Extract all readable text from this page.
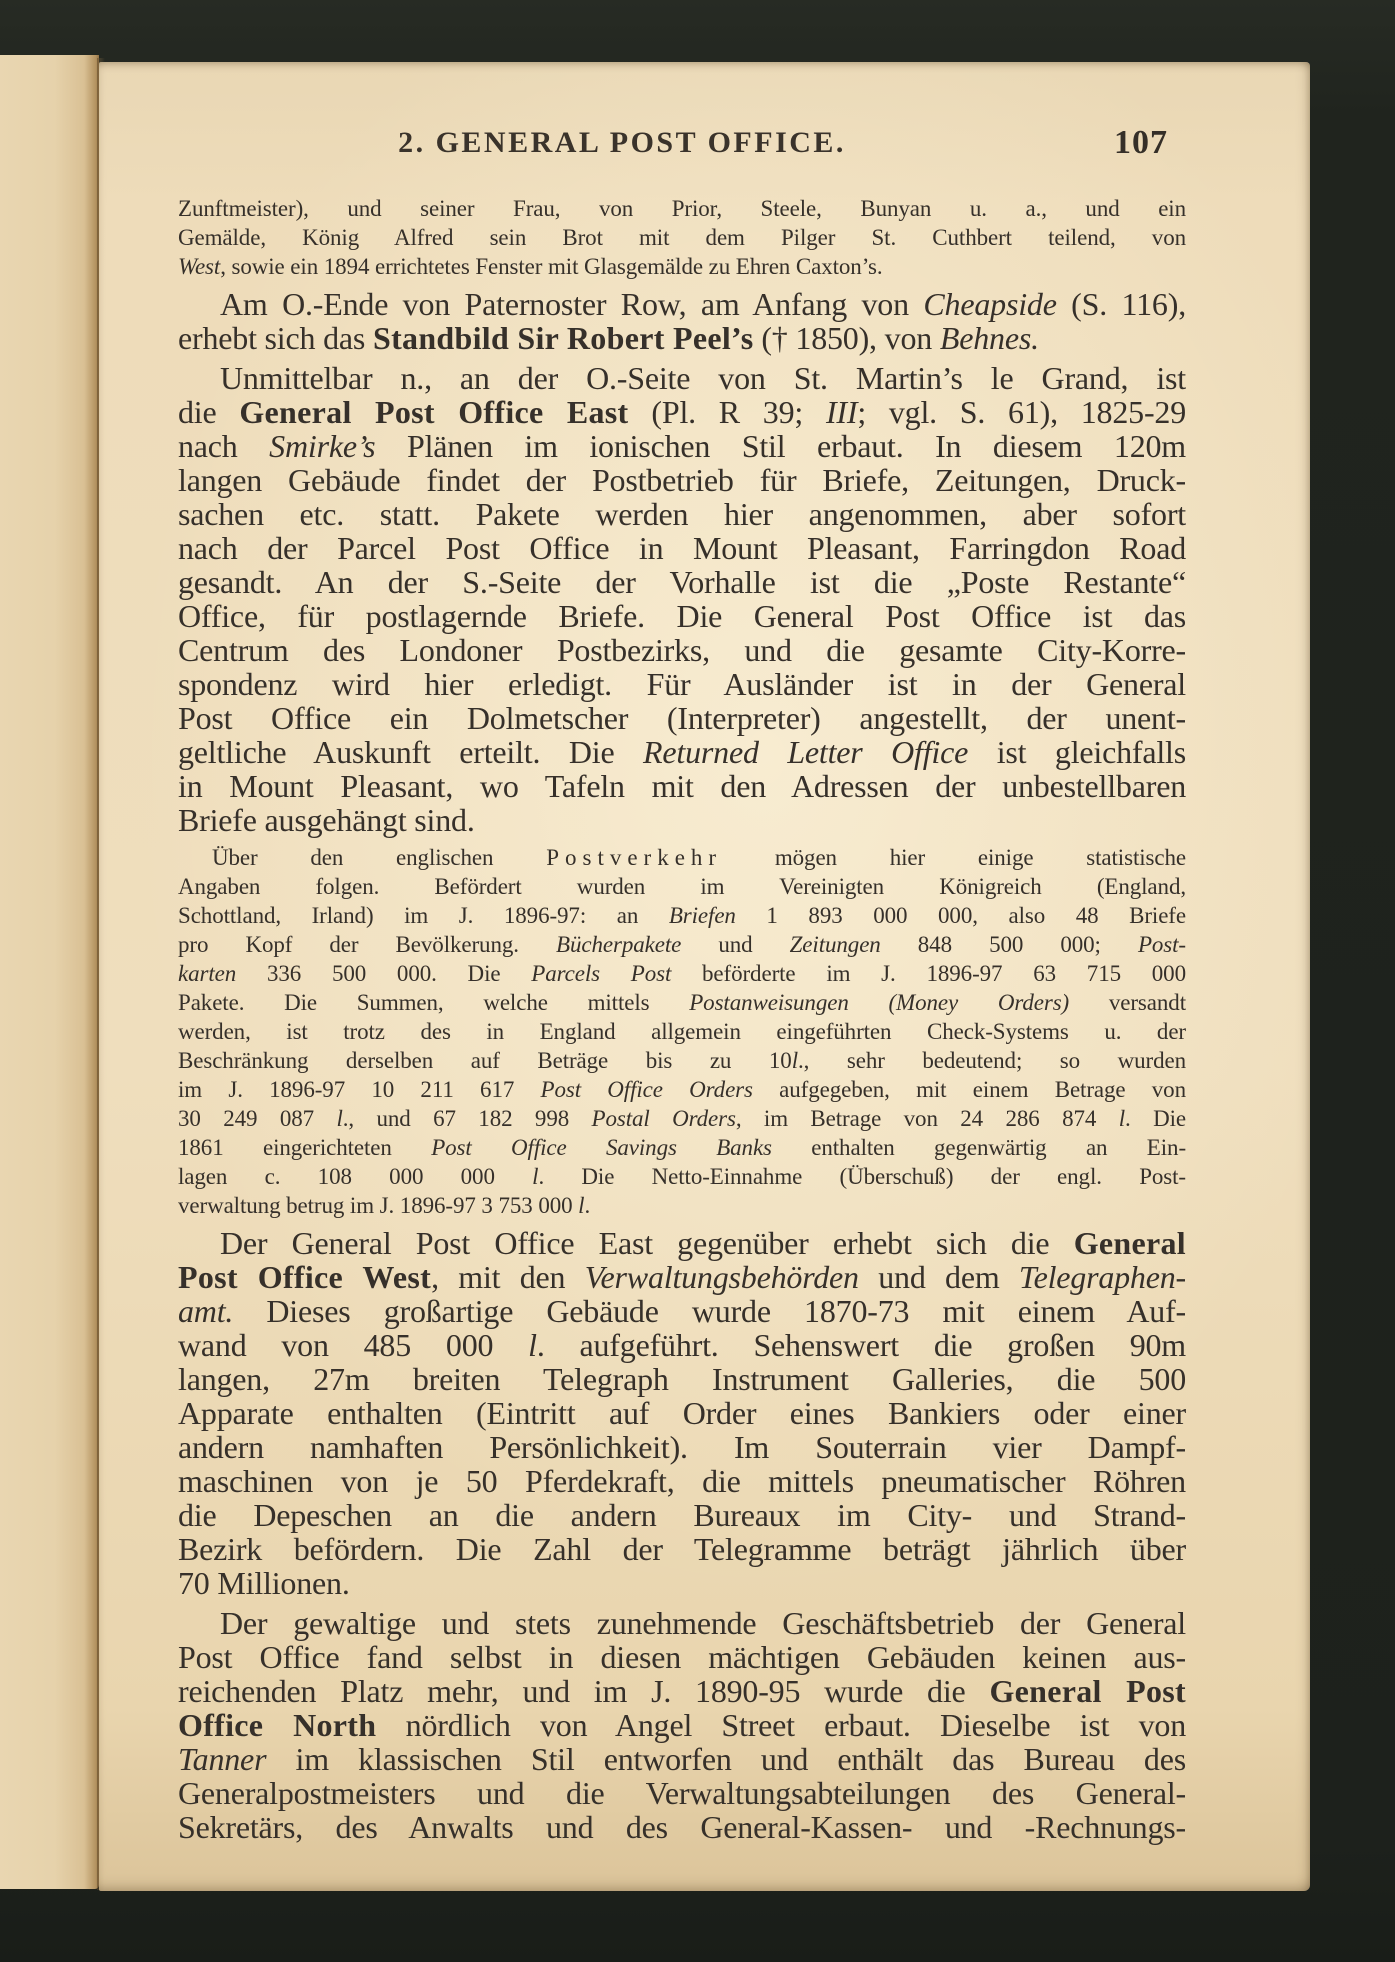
2. GENERAL POST OFFICE.	107
Zunftmeister), und seiner Frau, von Prior, Steele, Bunyan u. a., und ein
Gemälde, König Alfred sein Brot mit dem Pilger St. Cuthbert teilend, von
West, sowie ein 1894 errichtetes Fenster mit Glasgemälde zu Ehren Caxton’s.
Am O.-Ende von Paternoster Row, am Anfang von Cheapside (S. 116),
erhebt sich das Standbild Sir Robert Peel’s († 1850), von Behnes.
Unmittelbar n., an der O.-Seite von St. Martin’s le Grand, ist
die General Post Office East (Pl. R 39; III; vgl. S. 61), 1825-29
nach Smirke’s Plänen im ionischen Stil erbaut. In diesem 120m
langen Gebäude findet der Postbetrieb für Briefe, Zeitungen, Druck-
sachen etc. statt. Pakete werden hier angenommen, aber sofort
nach der Parcel Post Office in Mount Pleasant, Farringdon Road
gesandt. An der S.-Seite der Vorhalle ist die „Poste Restante“
Office, für postlagernde Briefe. Die General Post Office ist das
Centrum des Londoner Postbezirks, und die gesamte City-Korre-
spondenz wird hier erledigt. Für Ausländer ist in der General
Post Office ein Dolmetscher (Interpreter) angestellt, der unent-
geltliche Auskunft erteilt. Die Returned Letter Office ist gleichfalls
in Mount Pleasant, wo Tafeln mit den Adressen der unbestellbaren
Briefe ausgehängt sind.
Über den englischen Postverkehr mögen hier einige statistische
Angaben folgen. Befördert wurden im Vereinigten Königreich (England,
Schottland, Irland) im J. 1896-97: an Briefen 1 893 000 000, also 48 Briefe
pro Kopf der Bevölkerung. Bücherpakete und Zeitungen 848 500 000; Post-
karten 336 500 000. Die Parcels Post beförderte im J. 1896-97 63 715 000
Pakete. Die Summen, welche mittels Postanweisungen (Money Orders) versandt
werden, ist trotz des in England allgemein eingeführten Check-Systems u. der
Beschränkung derselben auf Beträge bis zu 10l., sehr bedeutend; so wurden
im J. 1896-97 10 211 617 Post Office Orders aufgegeben, mit einem Betrage von
30 249 087 l., und 67 182 998 Postal Orders, im Betrage von 24 286 874 l. Die
1861 eingerichteten Post Office Savings Banks enthalten gegenwärtig an Ein-
lagen c. 108 000 000 l. Die Netto-Einnahme (Überschuß) der engl. Post-
verwaltung betrug im J. 1896-97 3 753 000 l.
Der General Post Office East gegenüber erhebt sich die General
Post Office West, mit den Verwaltungsbehörden und dem Telegraphen-
amt. Dieses großartige Gebäude wurde 1870-73 mit einem Auf-
wand von 485 000 l. aufgeführt. Sehenswert die großen 90m
langen, 27m breiten Telegraph Instrument Galleries, die 500
Apparate enthalten (Eintritt auf Order eines Bankiers oder einer
andern namhaften Persönlichkeit). Im Souterrain vier Dampf-
maschinen von je 50 Pferdekraft, die mittels pneumatischer Röhren
die Depeschen an die andern Bureaux im City- und Strand-
Bezirk befördern. Die Zahl der Telegramme beträgt jährlich über
70 Millionen.
Der gewaltige und stets zunehmende Geschäftsbetrieb der General
Post Office fand selbst in diesen mächtigen Gebäuden keinen aus-
reichenden Platz mehr, und im J. 1890-95 wurde die General Post
Office North nördlich von Angel Street erbaut. Dieselbe ist von
Tanner im klassischen Stil entworfen und enthält das Bureau des
Generalpostmeisters und die Verwaltungsabteilungen des General-
Sekretärs, des Anwalts und des General-Kassen- und -Rechnungs-
